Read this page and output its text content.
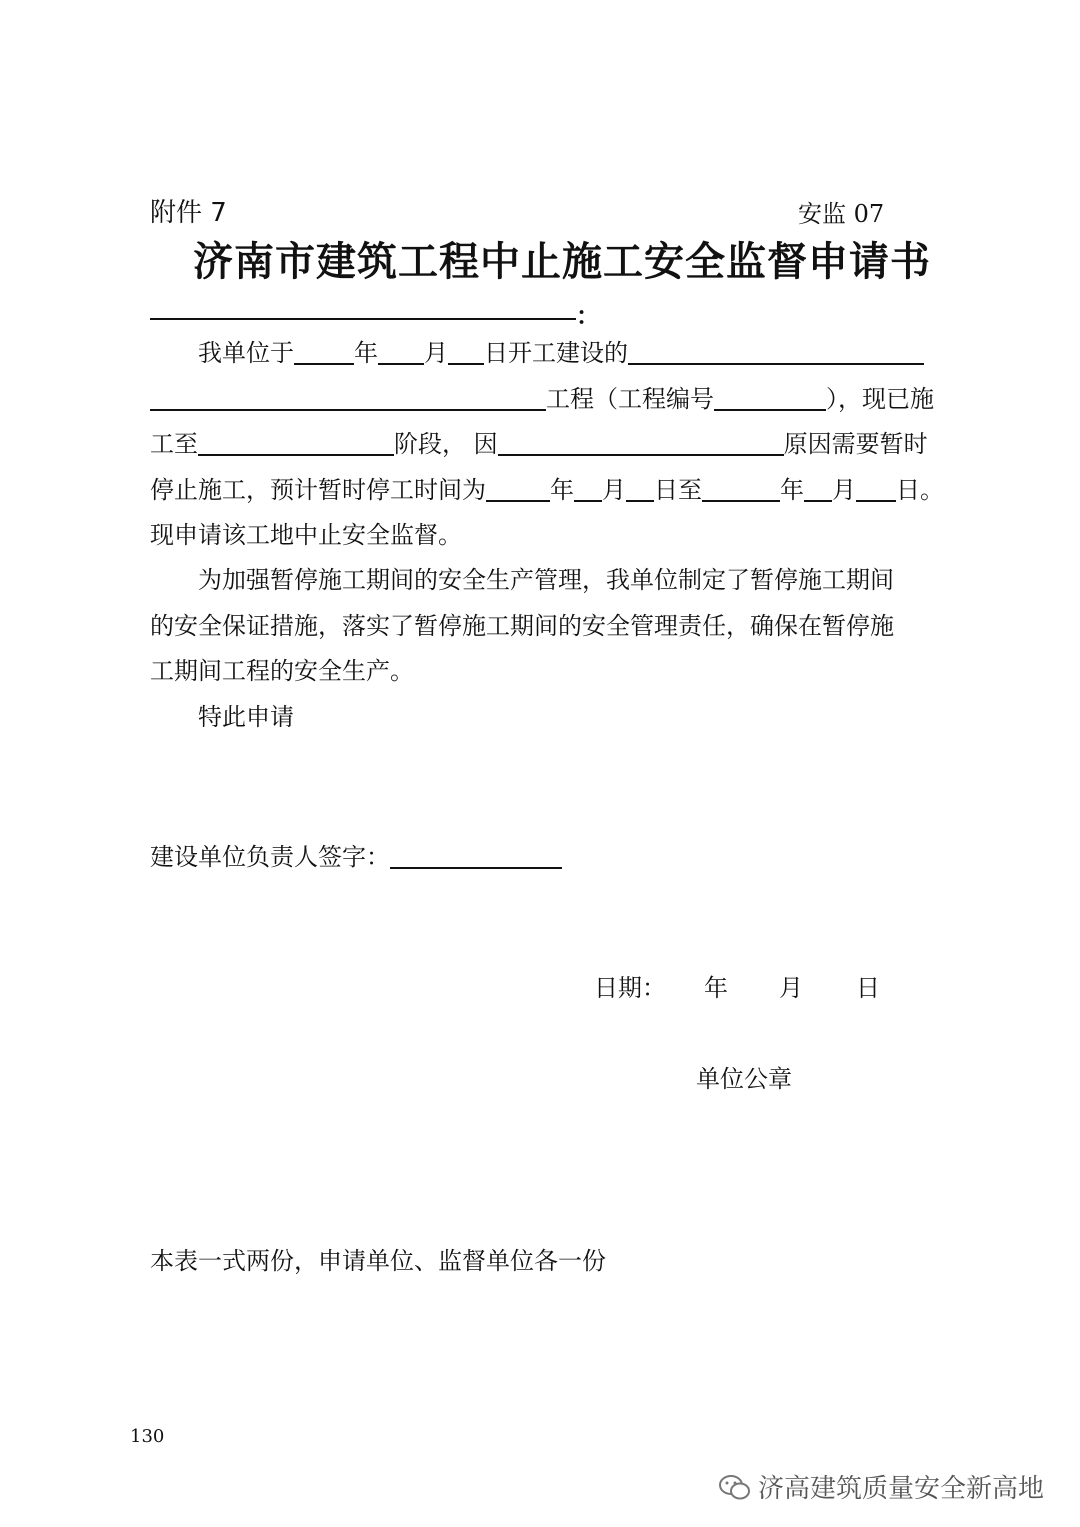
附件 7	安监 07
济南市建筑工程中止施工安全监督申请书
：
我单位于	年 月 日开工建设的
工程（工程编号	），现已施
工至	阶段， 因	原因需要暂时
停止施工，预计暂时停工时间为	年 月 日至	年 月 日。
现申请该工地中止安全监督。
为加强暂停施工期间的安全生产管理，我单位制定了暂停施工期间
的安全保证措施，落实了暂停施工期间的安全管理责任，确保在暂停施
工期间工程的安全生产。
特此申请
建设单位负责人签字：
日期： 年 月 日
单位公章
本表一式两份，申请单位、监督单位各一份
130
济高建筑质量安全新高地
